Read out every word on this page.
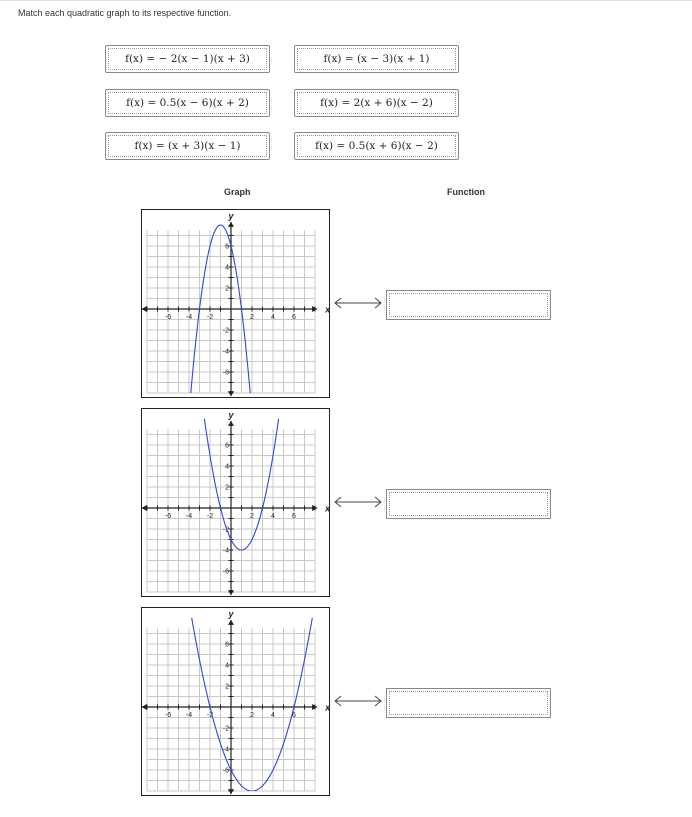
Match each quadratic graph to its respective function.
f(x) = − 2(x − 1)(x + 3)	f(x) = (x − 3)(x + 1)
f(x) = 0.5(x − 6)(x + 2)	f(x) = 2(x + 6)(x − 2)
f(x) = (x + 3)(x − 1)	f(x) = 0.5(x + 6)(x − 2)
Graph	Function
-6 -4 -2	2 4 6
6
4
2
-2
-4
-6
x
y
-6 -4 -2	2 4 6
6
4
2
-2
-4
-6
x
y
-6 -4 -2	2 4 6
6
4
2
-2
-4
-6
x
y
